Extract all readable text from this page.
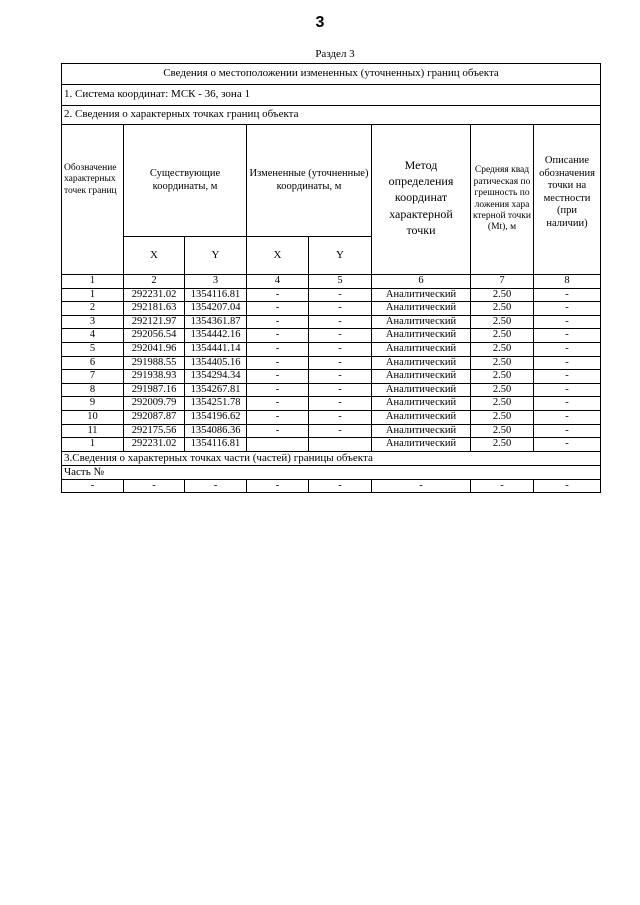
3
Раздел 3
Сведения о местоположении измененных (уточненных) границ объекта							
1. Система координат: МСК - 36, зона 1							
2. Сведения о характерных точках границ объекта							
Обозначение характерных точек границ	Существующие координаты, м		Измененные (уточненные) координаты, м		Метод определения координат характерной точки	Средняя квадратическая погрешность положения характерной точки (Mt), м	Описание обозначения точки на местности (при наличии)
	X	Y	X	Y			
1	2	3	4	5	6	7	8
1	292231.02	1354116.81	-	-	Аналитический	2.50	-
2	292181.63	1354207.04	-	-	Аналитический	2.50	-
3	292121.97	1354361.87	-	-	Аналитический	2.50	-
4	292056.54	1354442.16	-	-	Аналитический	2.50	-
5	292041.96	1354441.14	-	-	Аналитический	2.50	-
6	291988.55	1354405.16	-	-	Аналитический	2.50	-
7	291938.93	1354294.34	-	-	Аналитический	2.50	-
8	291987.16	1354267.81	-	-	Аналитический	2.50	-
9	292009.79	1354251.78	-	-	Аналитический	2.50	-
10	292087.87	1354196.62	-	-	Аналитический	2.50	-
11	292175.56	1354086.36	-	-	Аналитический	2.50	-
1	292231.02	1354116.81			Аналитический	2.50	-
3.Сведения о характерных точках части (частей) границы объекта							
Часть №							
-	-	-	-	-	-	-	-
